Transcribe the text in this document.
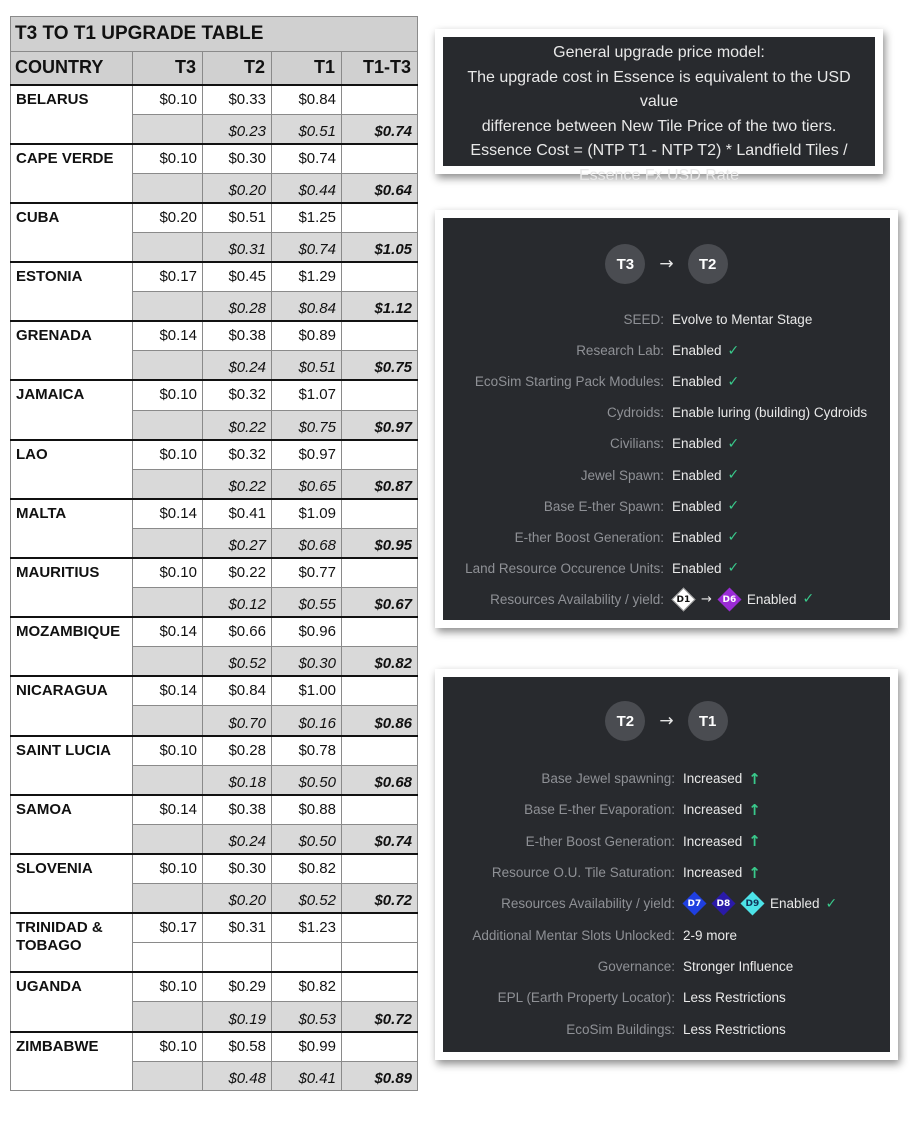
T3 TO T1 UPGRADE TABLE				
COUNTRY	T3	T2	T1	T1-T3
BELARUS	$0.10	$0.33	$0.84	
		$0.23	$0.51	$0.74
CAPE VERDE	$0.10	$0.30	$0.74	
		$0.20	$0.44	$0.64
CUBA	$0.20	$0.51	$1.25	
		$0.31	$0.74	$1.05
ESTONIA	$0.17	$0.45	$1.29	
		$0.28	$0.84	$1.12
GRENADA	$0.14	$0.38	$0.89	
		$0.24	$0.51	$0.75
JAMAICA	$0.10	$0.32	$1.07	
		$0.22	$0.75	$0.97
LAO	$0.10	$0.32	$0.97	
		$0.22	$0.65	$0.87
MALTA	$0.14	$0.41	$1.09	
		$0.27	$0.68	$0.95
MAURITIUS	$0.10	$0.22	$0.77	
		$0.12	$0.55	$0.67
MOZAMBIQUE	$0.14	$0.66	$0.96	
		$0.52	$0.30	$0.82
NICARAGUA	$0.14	$0.84	$1.00	
		$0.70	$0.16	$0.86
SAINT LUCIA	$0.10	$0.28	$0.78	
		$0.18	$0.50	$0.68
SAMOA	$0.14	$0.38	$0.88	
		$0.24	$0.50	$0.74
SLOVENIA	$0.10	$0.30	$0.82	
		$0.20	$0.52	$0.72
TRINIDAD & TOBAGO	$0.17	$0.31	$1.23	

UGANDA	$0.10	$0.29	$0.82	
		$0.19	$0.53	$0.72
ZIMBABWE	$0.10	$0.58	$0.99	
		$0.48	$0.41	$0.89

General upgrade price model:

The upgrade cost in Essence is equivalent to the USD value

difference between New Tile Price of the two tiers.

Essence Cost = (NTP T1 - NTP T2) * Landfield Tiles /

Essence Fx USD Rate

T3	→	T2
SEED: Evolve to Mentar Stage
Research Lab: Enabled ✓
EcoSim Starting Pack Modules: Enabled ✓
Cydroids: Enable luring (building) Cydroids
Civilians: Enabled ✓
Jewel Spawn: Enabled ✓
Base E-ther Spawn: Enabled ✓
E-ther Boost Generation: Enabled ✓
Land Resource Occurence Units: Enabled ✓
Resources Availability / yield:	D1 → D6 Enabled ✓
T2	→	T1
Base Jewel spawning: Increased ↑
Base E-ther Evaporation: Increased ↑
E-ther Boost Generation: Increased ↑
Resource O.U. Tile Saturation: Increased ↑
Resources Availability / yield:	D7 D8 D9 Enabled ✓
Additional Mentar Slots Unlocked: 2-9 more
Governance: Stronger Influence
EPL (Earth Property Locator): Less Restrictions
EcoSim Buildings: Less Restrictions
